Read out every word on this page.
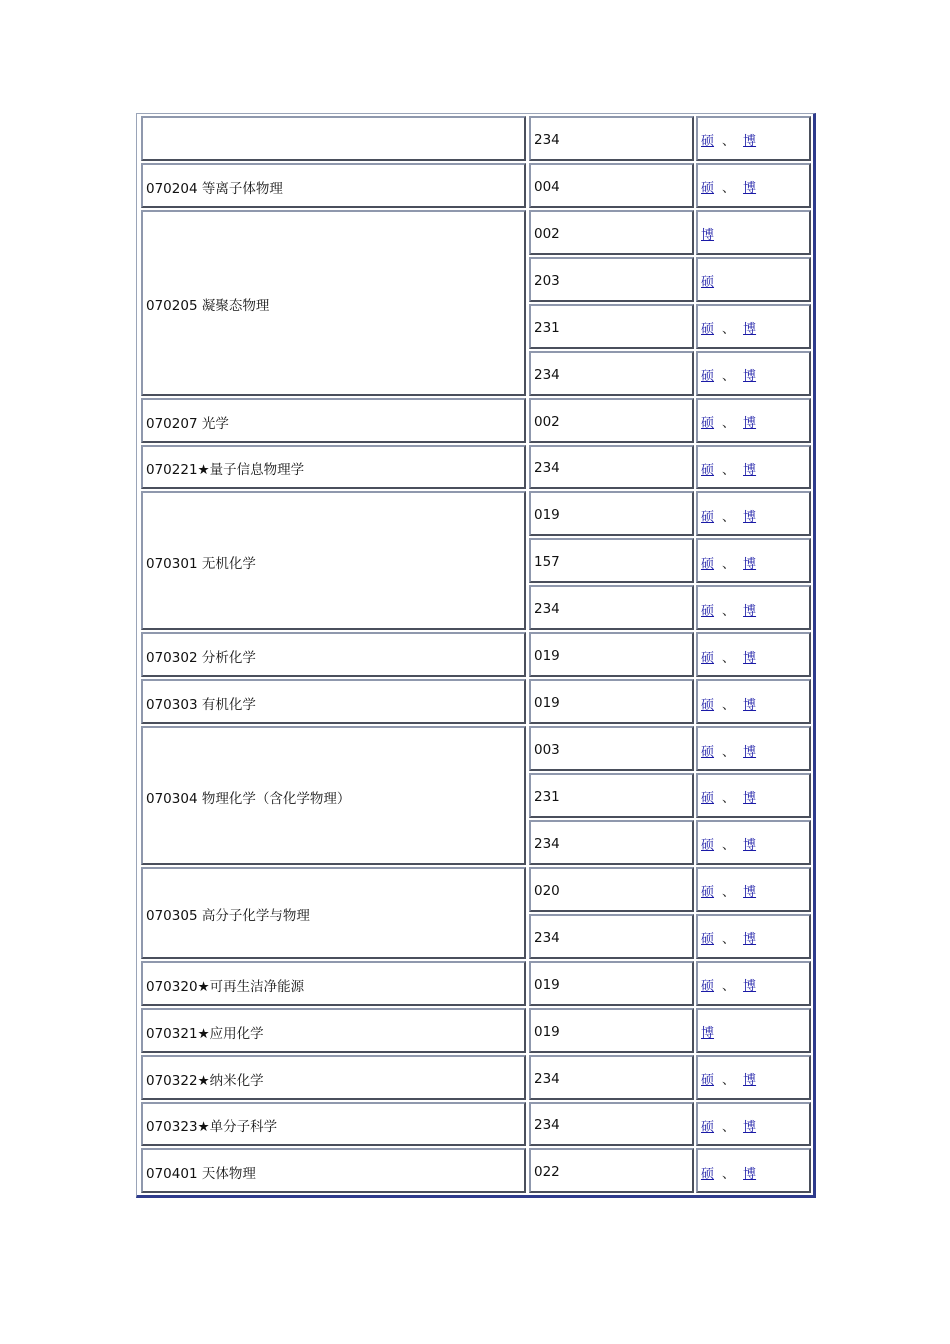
234	硕 、 博
070204 等离子体物理	004	硕 、 博
070205 凝聚态物理
002	博
203	硕
231	硕 、 博
234	硕 、 博
070207 光学	002	硕 、 博
070221★量子信息物理学	234	硕 、 博
070301 无机化学
019	硕 、 博
157	硕 、 博
234	硕 、 博
070302 分析化学	019	硕 、 博
070303 有机化学	019	硕 、 博
070304 物理化学（含化学物理）
003	硕 、 博
231	硕 、 博
234	硕 、 博
070305 高分子化学与物理
020	硕 、 博
234	硕 、 博
070320★可再生洁净能源	019	硕 、 博
070321★应用化学	019	博
070322★纳米化学	234	硕 、 博
070323★单分子科学	234	硕 、 博
070401 天体物理	022	硕 、 博
